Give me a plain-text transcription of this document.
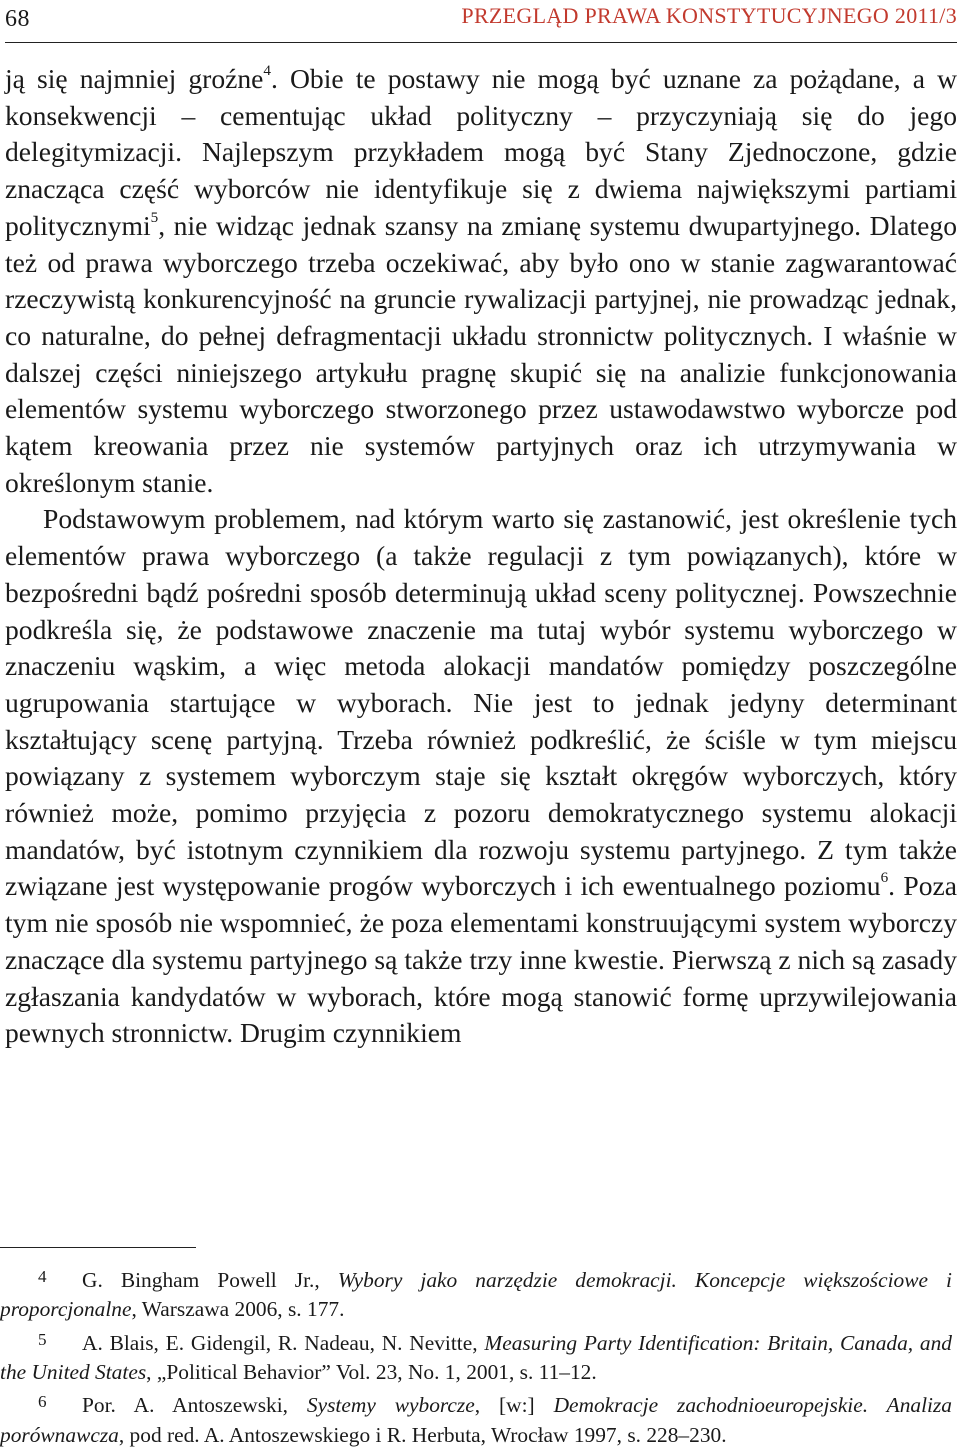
68	PRZEGLĄD PRAWA KONSTYTUCYJNEGO 2011/3

ją się najmniej groźne$^4$. Obie te postawy nie mogą być uznane za pożądane, a w konsekwencji – cementując układ polityczny – przyczyniają się do jego delegitymizacji. Najlepszym przykładem mogą być Stany Zjednoczone, gdzie znacząca część wyborców nie identyfikuje się z dwiema największymi partiami politycznymi$^5$, nie widząc jednak szansy na zmianę systemu dwupartyjnego. Dlatego też od prawa wyborczego trzeba oczekiwać, aby było ono w stanie zagwarantować rzeczywistą konkurencyjność na gruncie rywalizacji partyjnej, nie prowadząc jednak, co naturalne, do pełnej defragmentacji układu stronnictw politycznych. I właśnie w dalszej części niniejszego artykułu pragnę skupić się na analizie funkcjonowania elementów systemu wyborczego stworzonego przez ustawodawstwo wyborcze pod kątem kreowania przez nie systemów partyjnych oraz ich utrzymywania w określonym stanie.

Podstawowym problemem, nad którym warto się zastanowić, jest określenie tych elementów prawa wyborczego (a także regulacji z tym powiązanych), które w bezpośredni bądź pośredni sposób determinują układ sceny politycznej. Powszechnie podkreśla się, że podstawowe znaczenie ma tutaj wybór systemu wyborczego w znaczeniu wąskim, a więc metoda alokacji mandatów pomiędzy poszczególne ugrupowania startujące w wyborach. Nie jest to jednak jedyny determinant kształtujący scenę partyjną. Trzeba również podkreślić, że ściśle w tym miejscu powiązany z systemem wyborczym staje się kształt okręgów wyborczych, który również może, pomimo przyjęcia z pozoru demokratycznego systemu alokacji mandatów, być istotnym czynnikiem dla rozwoju systemu partyjnego. Z tym także związane jest występowanie progów wyborczych i ich ewentualnego poziomu$^6$. Poza tym nie sposób nie wspomnieć, że poza elementami konstruującymi system wyborczy znaczące dla systemu partyjnego są także trzy inne kwestie. Pierwszą z nich są zasady zgłaszania kandydatów w wyborach, które mogą stanowić formę uprzywilejowania pewnych stronnictw. Drugim czynnikiem

4 G. Bingham Powell Jr., Wybory jako narzędzie demokracji. Koncepcje większościowe i proporcjonalne, Warszawa 2006, s. 177.

5 A. Blais, E. Gidengil, R. Nadeau, N. Nevitte, Measuring Party Identification: Britain, Canada, and the United States, „Political Behavior” Vol. 23, No. 1, 2001, s. 11–12.

6 Por. A. Antoszewski, Systemy wyborcze, [w:] Demokracje zachodnioeuropejskie. Analiza porównawcza, pod red. A. Antoszewskiego i R. Herbuta, Wrocław 1997, s. 228–230.
